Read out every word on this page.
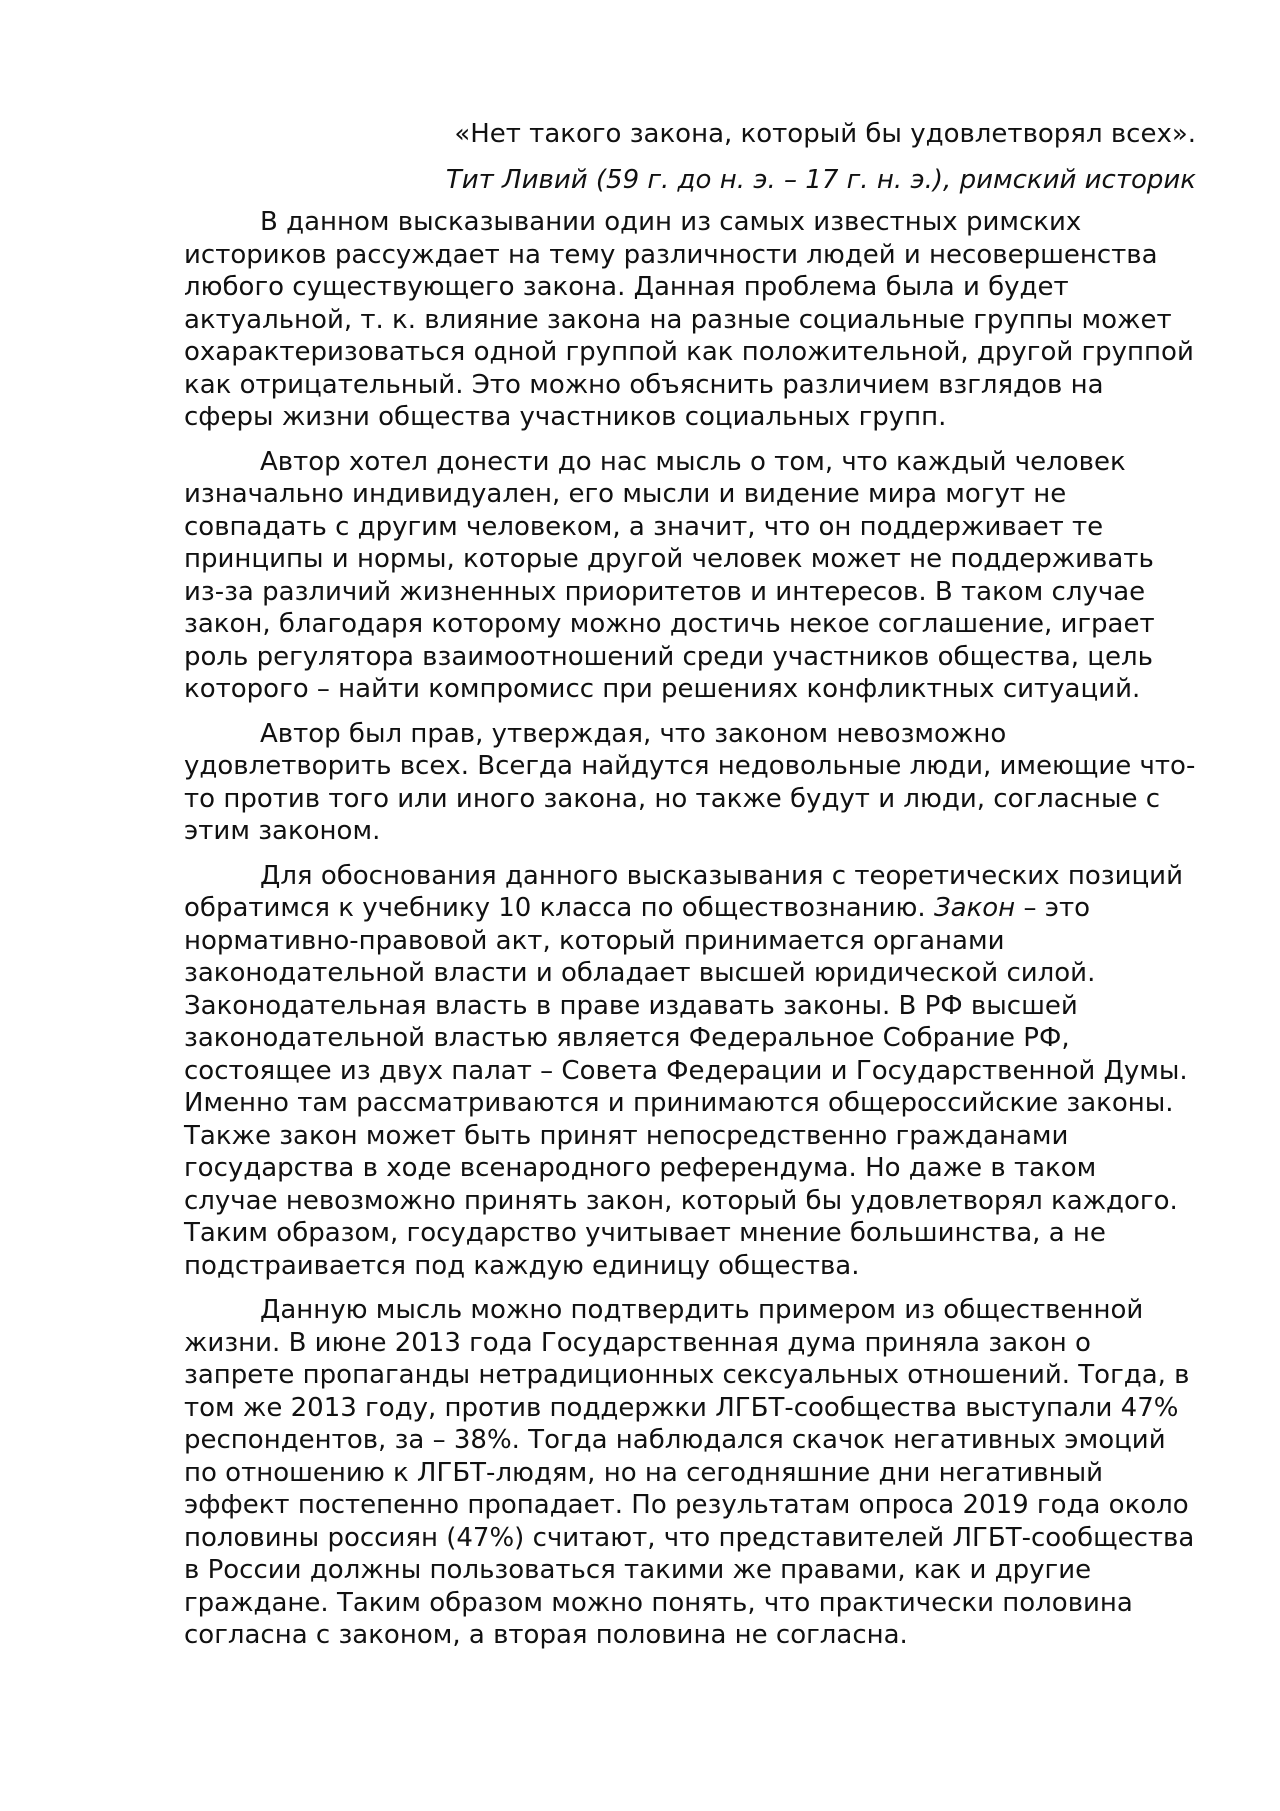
«Нет такого закона, который бы удовлетворял всех».

Тит Ливий (59 г. до н. э. – 17 г. н. э.), римский историк

В данном высказывании один из самых известных римских историков рассуждает на тему различности людей и несовершенства любого существующего закона. Данная проблема была и будет актуальной, т. к. влияние закона на разные социальные группы может охарактеризоваться одной группой как положительной, другой группой как отрицательный. Это можно объяснить различием взглядов на сферы жизни общества участников социальных групп.

Автор хотел донести до нас мысль о том, что каждый человек изначально индивидуален, его мысли и видение мира могут не совпадать с другим человеком, а значит, что он поддерживает те принципы и нормы, которые другой человек может не поддерживать из-за различий жизненных приоритетов и интересов. В таком случае закон, благодаря которому можно достичь некое соглашение, играет роль регулятора взаимоотношений среди участников общества, цель которого – найти компромисс при решениях конфликтных ситуаций.

Автор был прав, утверждая, что законом невозможно удовлетворить всех. Всегда найдутся недовольные люди, имеющие что-то против того или иного закона, но также будут и люди, согласные с этим законом.

Для обоснования данного высказывания с теоретических позиций обратимся к учебнику 10 класса по обществознанию. Закон – это нормативно-правовой акт, который принимается органами законодательной власти и обладает высшей юридической силой. Законодательная власть в праве издавать законы. В РФ высшей законодательной властью является Федеральное Собрание РФ, состоящее из двух палат – Совета Федерации и Государственной Думы. Именно там рассматриваются и принимаются общероссийские законы. Также закон может быть принят непосредственно гражданами государства в ходе всенародного референдума. Но даже в таком случае невозможно принять закон, который бы удовлетворял каждого. Таким образом, государство учитывает мнение большинства, а не подстраивается под каждую единицу общества.

Данную мысль можно подтвердить примером из общественной жизни. В июне 2013 года Государственная дума приняла закон о запрете пропаганды нетрадиционных сексуальных отношений. Тогда, в том же 2013 году, против поддержки ЛГБТ-сообщества выступали 47% респондентов, за – 38%. Тогда наблюдался скачок негативных эмоций по отношению к ЛГБТ-людям, но на сегодняшние дни негативный эффект постепенно пропадает. По результатам опроса 2019 года около половины россиян (47%) считают, что представителей ЛГБТ-сообщества в России должны пользоваться такими же правами, как и другие граждане. Таким образом можно понять, что практически половина согласна с законом, а вторая половина не согласна.
